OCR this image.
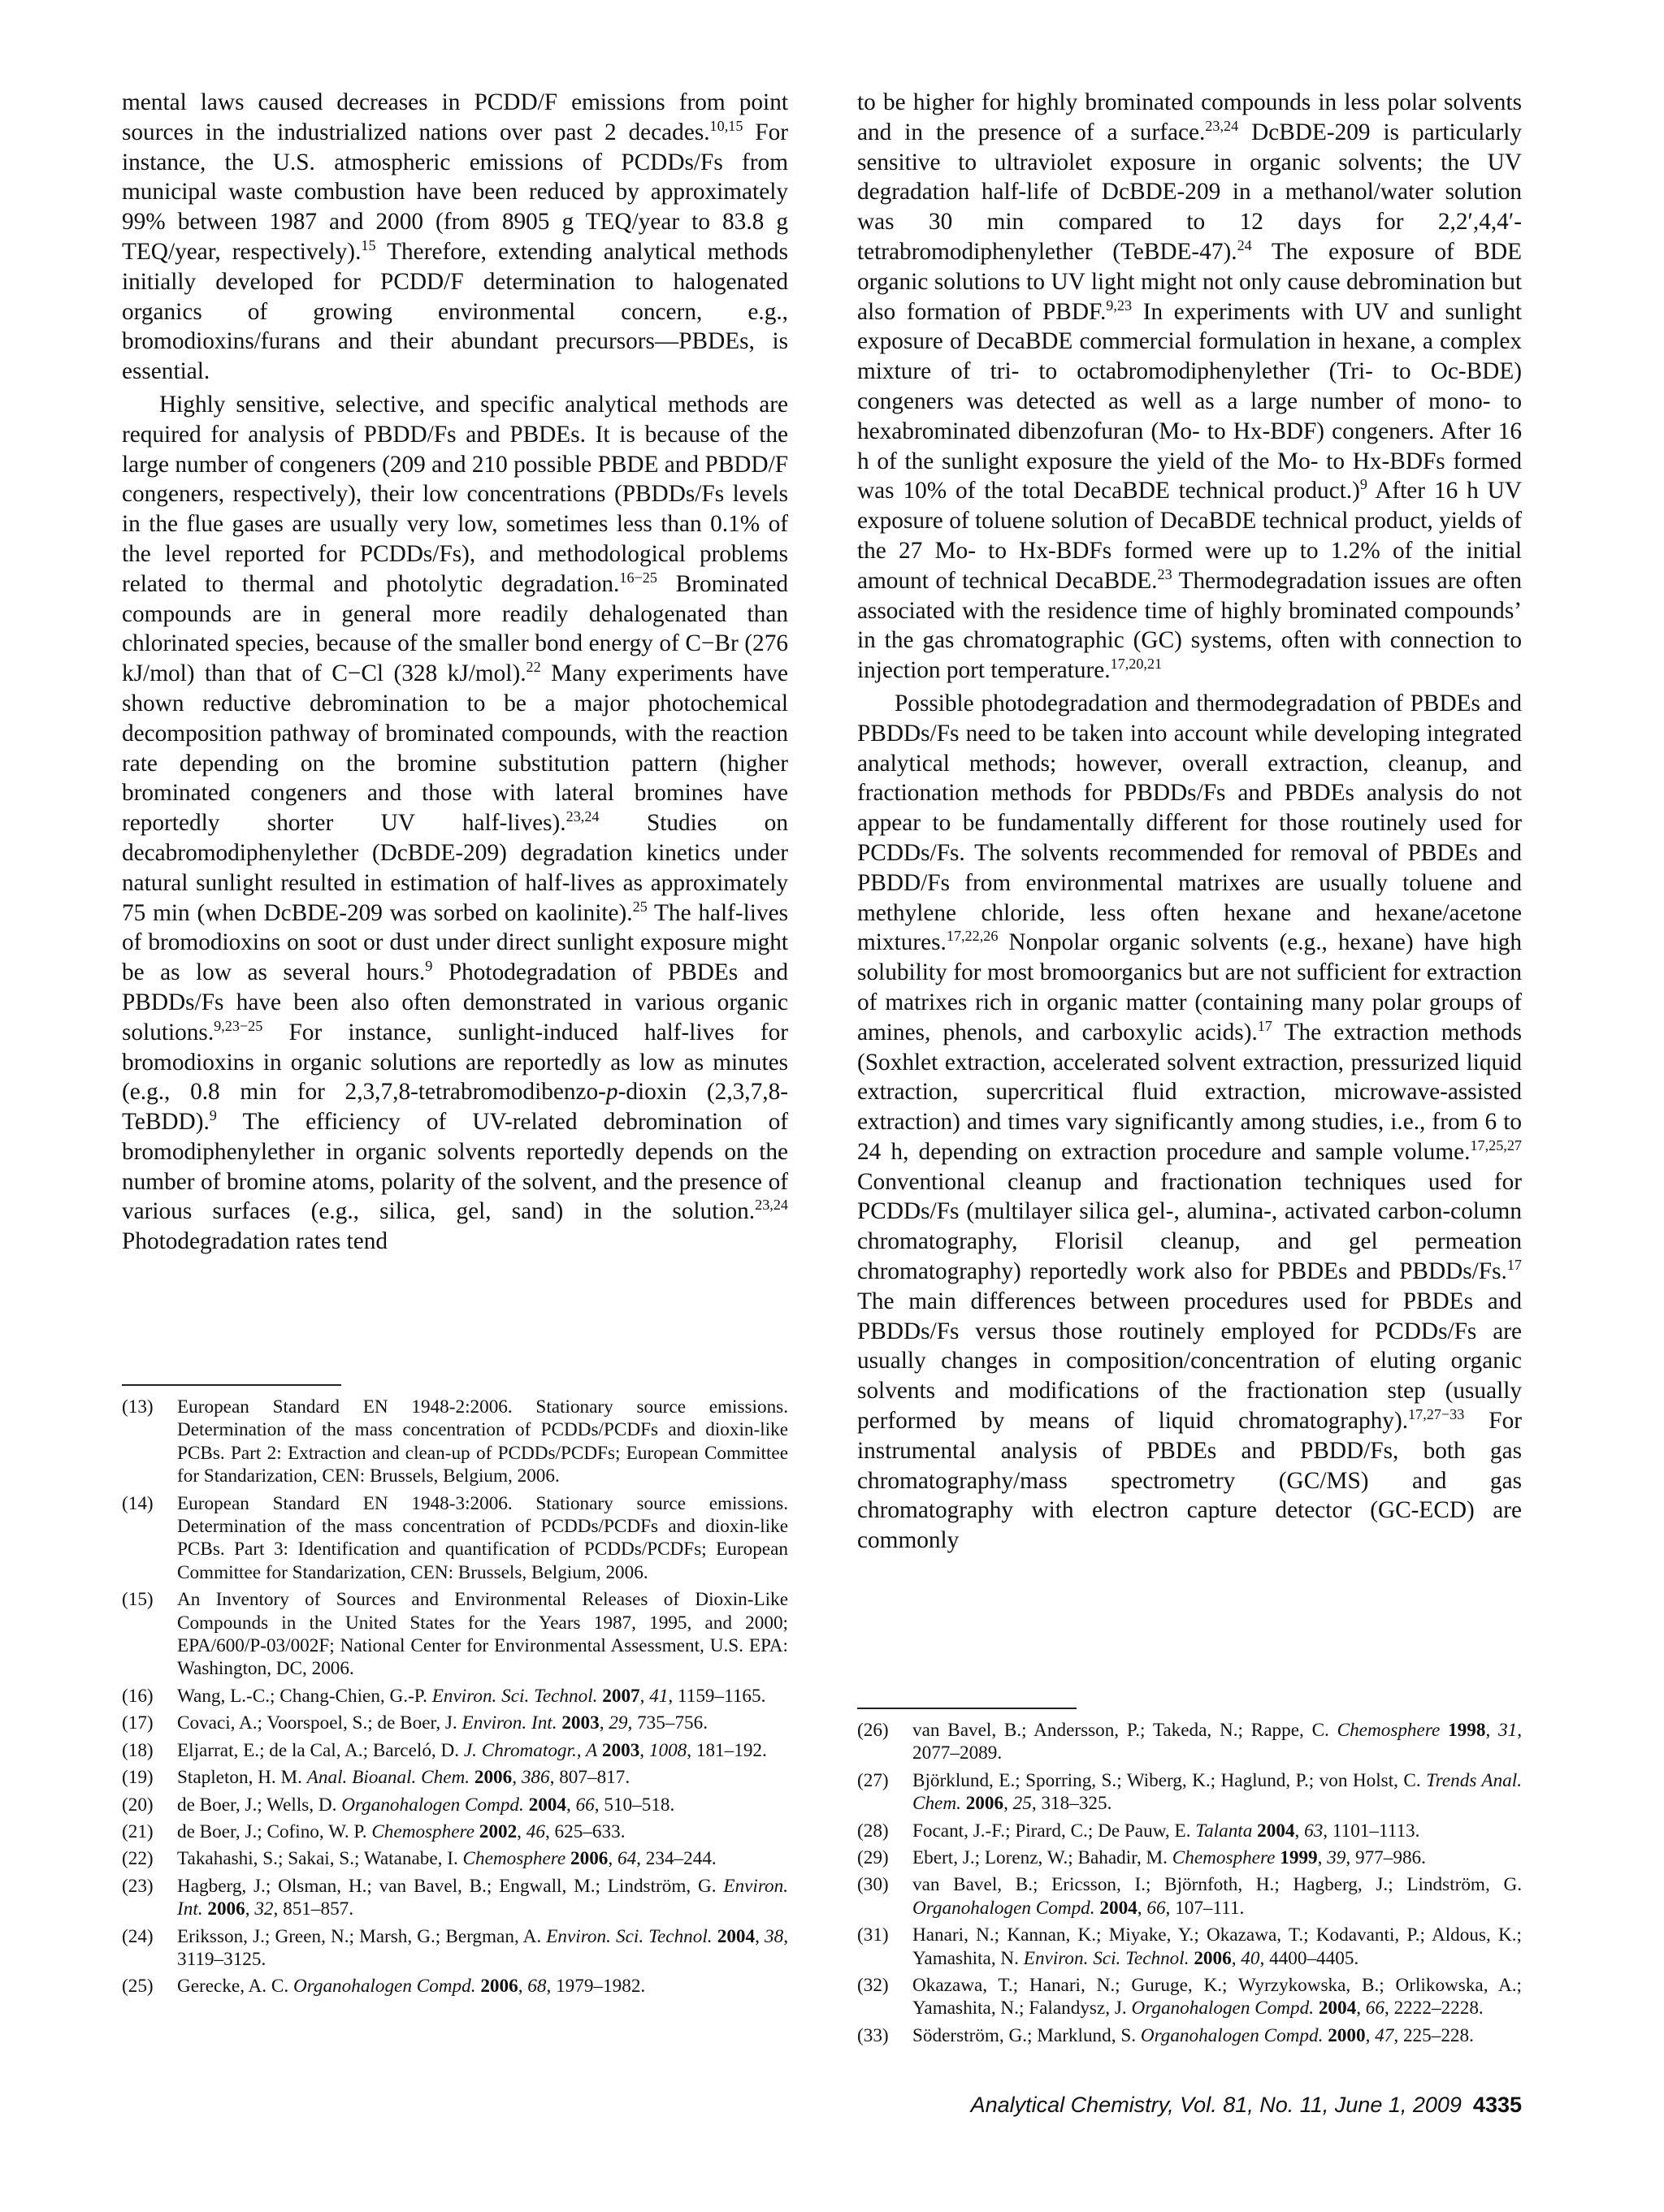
mental laws caused decreases in PCDD/F emissions from point sources in the industrialized nations over past 2 decades.$^{10,15}$ For instance, the U.S. atmospheric emissions of PCDDs/Fs from municipal waste combustion have been reduced by approximately 99% between 1987 and 2000 (from 8905 g TEQ/year to 83.8 g TEQ/year, respectively).$^{15}$ Therefore, extending analytical methods initially developed for PCDD/F determination to halogenated organics of growing environmental concern, e.g., bromodioxins/furans and their abundant precursors—PBDEs, is essential.

Highly sensitive, selective, and specific analytical methods are required for analysis of PBDD/Fs and PBDEs. It is because of the large number of congeners (209 and 210 possible PBDE and PBDD/F congeners, respectively), their low concentrations (PBDDs/Fs levels in the flue gases are usually very low, sometimes less than 0.1% of the level reported for PCDDs/Fs), and methodological problems related to thermal and photolytic degradation.$^{16-25}$ Brominated compounds are in general more readily dehalogenated than chlorinated species, because of the smaller bond energy of C−Br (276 kJ/mol) than that of C−Cl (328 kJ/mol).$^{22}$ Many experiments have shown reductive debromination to be a major photochemical decomposition pathway of brominated compounds, with the reaction rate depending on the bromine substitution pattern (higher brominated congeners and those with lateral bromines have reportedly shorter UV half-lives).$^{23,24}$ Studies on decabromodiphenylether (DcBDE-209) degradation kinetics under natural sunlight resulted in estimation of half-lives as approximately 75 min (when DcBDE-209 was sorbed on kaolinite).$^{25}$ The half-lives of bromodioxins on soot or dust under direct sunlight exposure might be as low as several hours.$^9$ Photodegradation of PBDEs and PBDDs/Fs have been also often demonstrated in various organic solutions.$^{9,23-25}$ For instance, sunlight-induced half-lives for bromodioxins in organic solutions are reportedly as low as minutes (e.g., 0.8 min for 2,3,7,8-tetrabromodibenzo-p-dioxin (2,3,7,8-TeBDD).$^9$ The efficiency of UV-related debromination of bromodiphenylether in organic solvents reportedly depends on the number of bromine atoms, polarity of the solvent, and the presence of various surfaces (e.g., silica, gel, sand) in the solution.$^{23,24}$ Photodegradation rates tend

(13) European Standard EN 1948-2:2006. Stationary source emissions. Determination of the mass concentration of PCDDs/PCDFs and dioxin-like PCBs. Part 2: Extraction and clean-up of PCDDs/PCDFs; European Committee for Standarization, CEN: Brussels, Belgium, 2006.
(14) European Standard EN 1948-3:2006. Stationary source emissions. Determination of the mass concentration of PCDDs/PCDFs and dioxin-like PCBs. Part 3: Identification and quantification of PCDDs/PCDFs; European Committee for Standarization, CEN: Brussels, Belgium, 2006.
(15) An Inventory of Sources and Environmental Releases of Dioxin-Like Compounds in the United States for the Years 1987, 1995, and 2000; EPA/600/P-03/002F; National Center for Environmental Assessment, U.S. EPA: Washington, DC, 2006.
(16) Wang, L.-C.; Chang-Chien, G.-P. Environ. Sci. Technol. 2007, 41, 1159–1165.
(17) Covaci, A.; Voorspoel, S.; de Boer, J. Environ. Int. 2003, 29, 735–756.
(18) Eljarrat, E.; de la Cal, A.; Barceló, D. J. Chromatogr., A 2003, 1008, 181–192.
(19) Stapleton, H. M. Anal. Bioanal. Chem. 2006, 386, 807–817.
(20) de Boer, J.; Wells, D. Organohalogen Compd. 2004, 66, 510–518.
(21) de Boer, J.; Cofino, W. P. Chemosphere 2002, 46, 625–633.
(22) Takahashi, S.; Sakai, S.; Watanabe, I. Chemosphere 2006, 64, 234–244.
(23) Hagberg, J.; Olsman, H.; van Bavel, B.; Engwall, M.; Lindström, G. Environ. Int. 2006, 32, 851–857.
(24) Eriksson, J.; Green, N.; Marsh, G.; Bergman, A. Environ. Sci. Technol. 2004, 38, 3119–3125.
(25) Gerecke, A. C. Organohalogen Compd. 2006, 68, 1979–1982.

to be higher for highly brominated compounds in less polar solvents and in the presence of a surface.$^{23,24}$ DcBDE-209 is particularly sensitive to ultraviolet exposure in organic solvents; the UV degradation half-life of DcBDE-209 in a methanol/water solution was 30 min compared to 12 days for 2,2′,4,4′-tetrabromodiphenylether (TeBDE-47).$^{24}$ The exposure of BDE organic solutions to UV light might not only cause debromination but also formation of PBDF.$^{9,23}$ In experiments with UV and sunlight exposure of DecaBDE commercial formulation in hexane, a complex mixture of tri- to octabromodiphenylether (Tri- to Oc-BDE) congeners was detected as well as a large number of mono- to hexabrominated dibenzofuran (Mo- to Hx-BDF) congeners. After 16 h of the sunlight exposure the yield of the Mo- to Hx-BDFs formed was 10% of the total DecaBDE technical product.)$^9$ After 16 h UV exposure of toluene solution of DecaBDE technical product, yields of the 27 Mo- to Hx-BDFs formed were up to 1.2% of the initial amount of technical DecaBDE.$^{23}$ Thermodegradation issues are often associated with the residence time of highly brominated compounds’ in the gas chromatographic (GC) systems, often with connection to injection port temperature.$^{17,20,21}$

Possible photodegradation and thermodegradation of PBDEs and PBDDs/Fs need to be taken into account while developing integrated analytical methods; however, overall extraction, cleanup, and fractionation methods for PBDDs/Fs and PBDEs analysis do not appear to be fundamentally different for those routinely used for PCDDs/Fs. The solvents recommended for removal of PBDEs and PBDD/Fs from environmental matrixes are usually toluene and methylene chloride, less often hexane and hexane/acetone mixtures.$^{17,22,26}$ Nonpolar organic solvents (e.g., hexane) have high solubility for most bromoorganics but are not sufficient for extraction of matrixes rich in organic matter (containing many polar groups of amines, phenols, and carboxylic acids).$^{17}$ The extraction methods (Soxhlet extraction, accelerated solvent extraction, pressurized liquid extraction, supercritical fluid extraction, microwave-assisted extraction) and times vary significantly among studies, i.e., from 6 to 24 h, depending on extraction procedure and sample volume.$^{17,25,27}$ Conventional cleanup and fractionation techniques used for PCDDs/Fs (multilayer silica gel-, alumina-, activated carbon-column chromatography, Florisil cleanup, and gel permeation chromatography) reportedly work also for PBDEs and PBDDs/Fs.$^{17}$ The main differences between procedures used for PBDEs and PBDDs/Fs versus those routinely employed for PCDDs/Fs are usually changes in composition/concentration of eluting organic solvents and modifications of the fractionation step (usually performed by means of liquid chromatography).$^{17,27-33}$ For instrumental analysis of PBDEs and PBDD/Fs, both gas chromatography/mass spectrometry (GC/MS) and gas chromatography with electron capture detector (GC-ECD) are commonly

(26) van Bavel, B.; Andersson, P.; Takeda, N.; Rappe, C. Chemosphere 1998, 31, 2077–2089.
(27) Björklund, E.; Sporring, S.; Wiberg, K.; Haglund, P.; von Holst, C. Trends Anal. Chem. 2006, 25, 318–325.
(28) Focant, J.-F.; Pirard, C.; De Pauw, E. Talanta 2004, 63, 1101–1113.
(29) Ebert, J.; Lorenz, W.; Bahadir, M. Chemosphere 1999, 39, 977–986.
(30) van Bavel, B.; Ericsson, I.; Björnfoth, H.; Hagberg, J.; Lindström, G. Organohalogen Compd. 2004, 66, 107–111.
(31) Hanari, N.; Kannan, K.; Miyake, Y.; Okazawa, T.; Kodavanti, P.; Aldous, K.; Yamashita, N. Environ. Sci. Technol. 2006, 40, 4400–4405.
(32) Okazawa, T.; Hanari, N.; Guruge, K.; Wyrzykowska, B.; Orlikowska, A.; Yamashita, N.; Falandysz, J. Organohalogen Compd. 2004, 66, 2222–2228.
(33) Söderström, G.; Marklund, S. Organohalogen Compd. 2000, 47, 225–228.
Analytical Chemistry, Vol. 81, No. 11, June 1, 2009 4335
